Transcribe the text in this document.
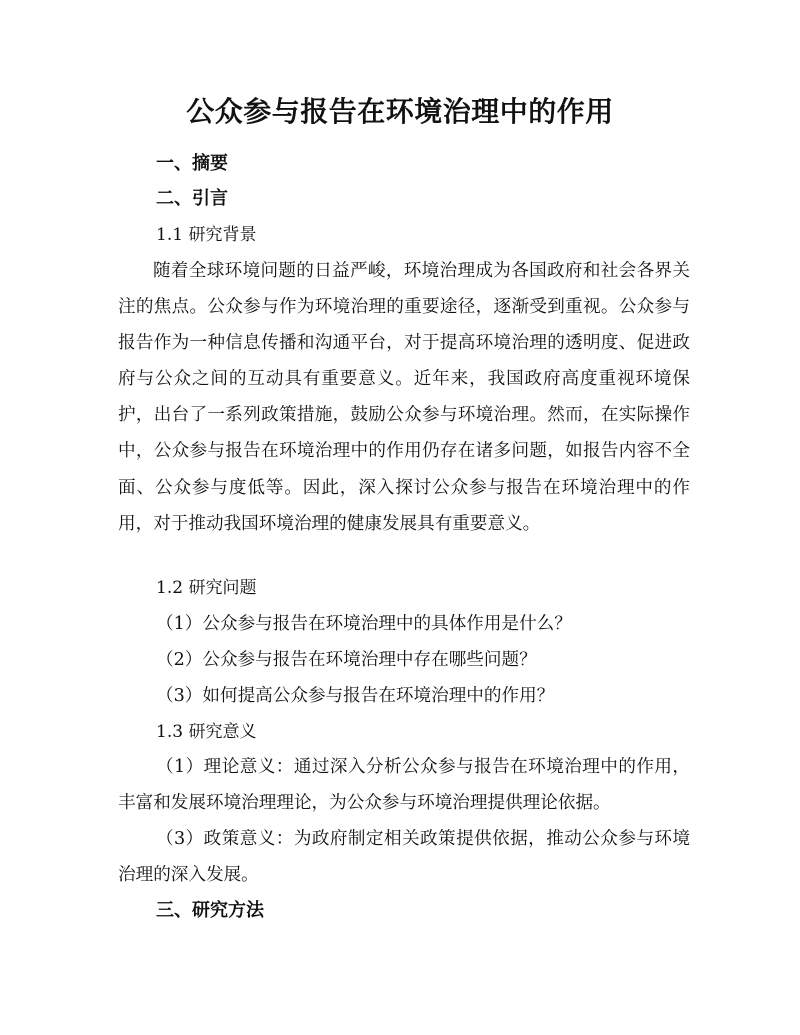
公众参与报告在环境治理中的作用
一、摘要
二、引言
1.1 研究背景
随着全球环境问题的日益严峻，环境治理成为各国政府和社会各界关注的焦点。公众参与作为环境治理的重要途径，逐渐受到重视。公众参与报告作为一种信息传播和沟通平台，对于提高环境治理的透明度、促进政府与公众之间的互动具有重要意义。近年来，我国政府高度重视环境保护，出台了一系列政策措施，鼓励公众参与环境治理。然而，在实际操作中，公众参与报告在环境治理中的作用仍存在诸多问题，如报告内容不全面、公众参与度低等。因此，深入探讨公众参与报告在环境治理中的作用，对于推动我国环境治理的健康发展具有重要意义。
1.2 研究问题
（1）公众参与报告在环境治理中的具体作用是什么？
（2）公众参与报告在环境治理中存在哪些问题？
（3）如何提高公众参与报告在环境治理中的作用？
1.3 研究意义
（1）理论意义：通过深入分析公众参与报告在环境治理中的作用，丰富和发展环境治理理论，为公众参与环境治理提供理论依据。
（3）政策意义：为政府制定相关政策提供依据，推动公众参与环境治理的深入发展。
三、研究方法
